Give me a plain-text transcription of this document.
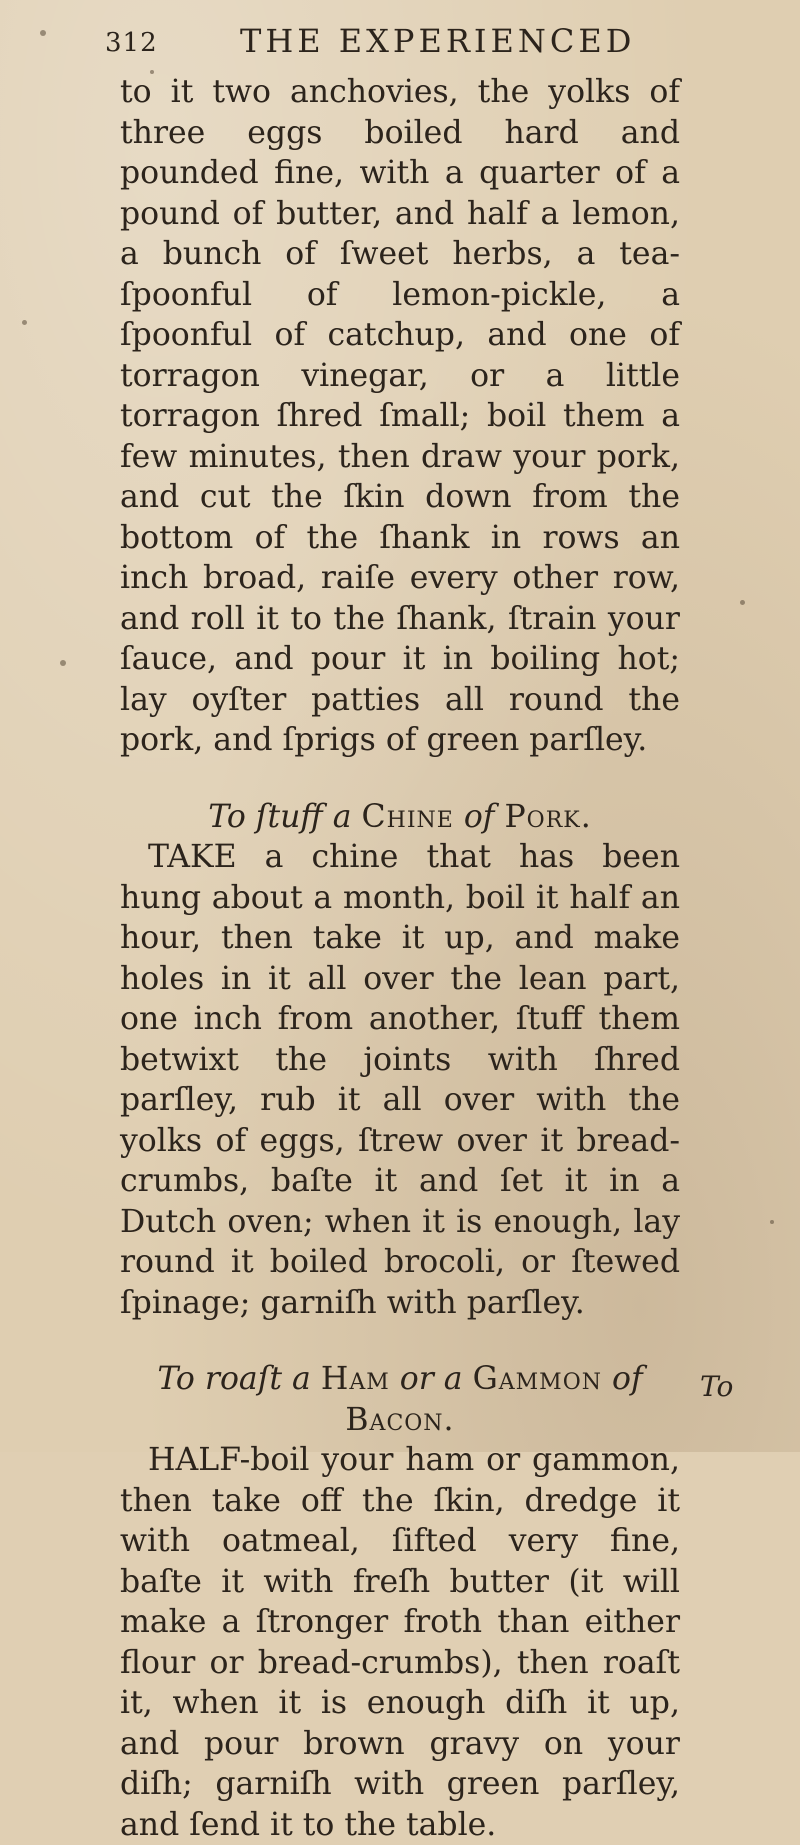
312	THE EXPERIENCED

to it two anchovies, the yolks of three eggs boiled hard and pounded fine, with a quarter of a pound of butter, and half a lemon, a bunch of ſweet herbs, a tea-ſpoonful of lemon-pickle, a ſpoonful of catchup, and one of torragon vinegar, or a little torragon ſhred ſmall; boil them a few minutes, then draw your pork, and cut the ſkin down from the bottom of the ſhank in rows an inch broad, raiſe every other row, and roll it to the ſhank, ſtrain your ſauce, and pour it in boiling hot; lay oyſter patties all round the pork, and ſprigs of green parſley.

To ſtuff a Chine of Pork.

TAKE a chine that has been hung about a month, boil it half an hour, then take it up, and make holes in it all over the lean part, one inch from another, ſtuff them betwixt the joints with ſhred parſley, rub it all over with the yolks of eggs, ſtrew over it bread-crumbs, baſte it and ſet it in a Dutch oven; when it is enough, lay round it boiled brocoli, or ſtewed ſpinage; garniſh with parſley.

To roaſt a Ham or a Gammon of Bacon.

HALF-boil your ham or gammon, then take off the ſkin, dredge it with oatmeal, ſifted very fine, baſte it with freſh butter (it will make a ſtronger froth than either flour or bread-crumbs), then roaſt it, when it is enough diſh it up, and pour brown gravy on your diſh; garniſh with green parſley, and ſend it to the table.

To
